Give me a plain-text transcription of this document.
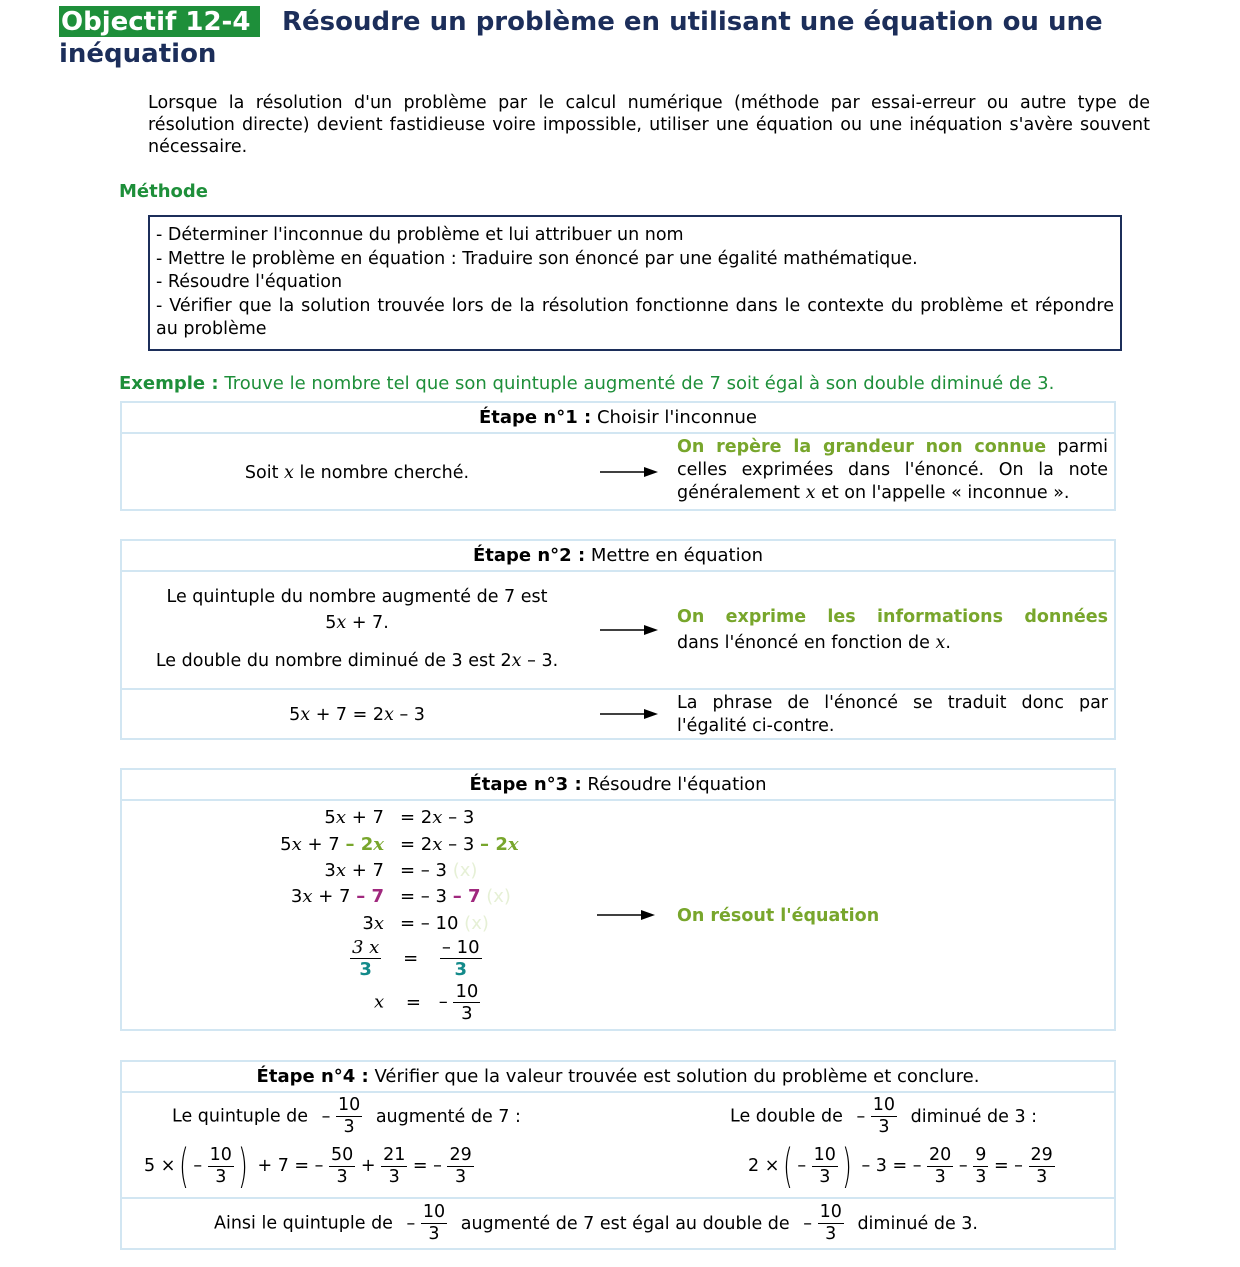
Objectif 12-4	Résoudre un problème en utilisant une équation ou une
inéquation
Lorsque la résolution d'un problème par le calcul numérique (méthode par essai-erreur ou autre type de résolution directe) devient fastidieuse voire impossible, utiliser une équation ou une inéquation s'avère souvent nécessaire.
Méthode
- Déterminer l'inconnue du problème et lui attribuer un nom
- Mettre le problème en équation : Traduire son énoncé par une égalité mathématique.
- Résoudre l'équation
- Vérifier que la solution trouvée lors de la résolution fonctionne dans le contexte du problème et répondre au problème
Exemple : Trouve le nombre tel que son quintuple augmenté de 7 soit égal à son double diminué de 3.
Étape n°1 : Choisir l'inconnue
Soit x le nombre cherché.
On repère la grandeur non connue parmi celles exprimées dans l'énoncé. On la note généralement x et on l'appelle « inconnue ».
Étape n°2 : Mettre en équation
Le quintuple du nombre augmenté de 7 est
5x + 7.
Le double du nombre diminué de 3 est 2x – 3.
On exprime les informations données dans l'énoncé en fonction de x.
5x + 7 = 2x – 3
La phrase de l'énoncé se traduit donc par l'égalité ci-contre.
Étape n°3 : Résoudre l'équation
5x + 7 = 2x – 3
5x + 7 – 2x = 2x – 3 – 2x
3x + 7 = – 3 (x)
3x + 7 – 7 = – 3 – 7 (x)
3x = – 10 (x)
$\frac{3 x}{3} = \frac{- 10}{3}$
x = – $\frac{10}{3}$
On résout l'équation
Étape n°4 : Vérifier que la valeur trouvée est solution du problème et conclure.
Le quintuple de – $\frac{10}{3}$ augmenté de 7 :	Le double de – $\frac{10}{3}$ diminué de 3 :
5 ×( – $\frac{10}{3}$ ) + 7 = – $\frac{50}{3} + \frac{21}{3}$ = – $\frac{29}{3}$	2 ×( – $\frac{10}{3}$ ) – 3 = – $\frac{20}{3} - \frac{9}{3}$ = – $\frac{29}{3}$
Ainsi le quintuple de – $\frac{10}{3}$ augmenté de 7 est égal au double de – $\frac{10}{3}$ diminué de 3.
